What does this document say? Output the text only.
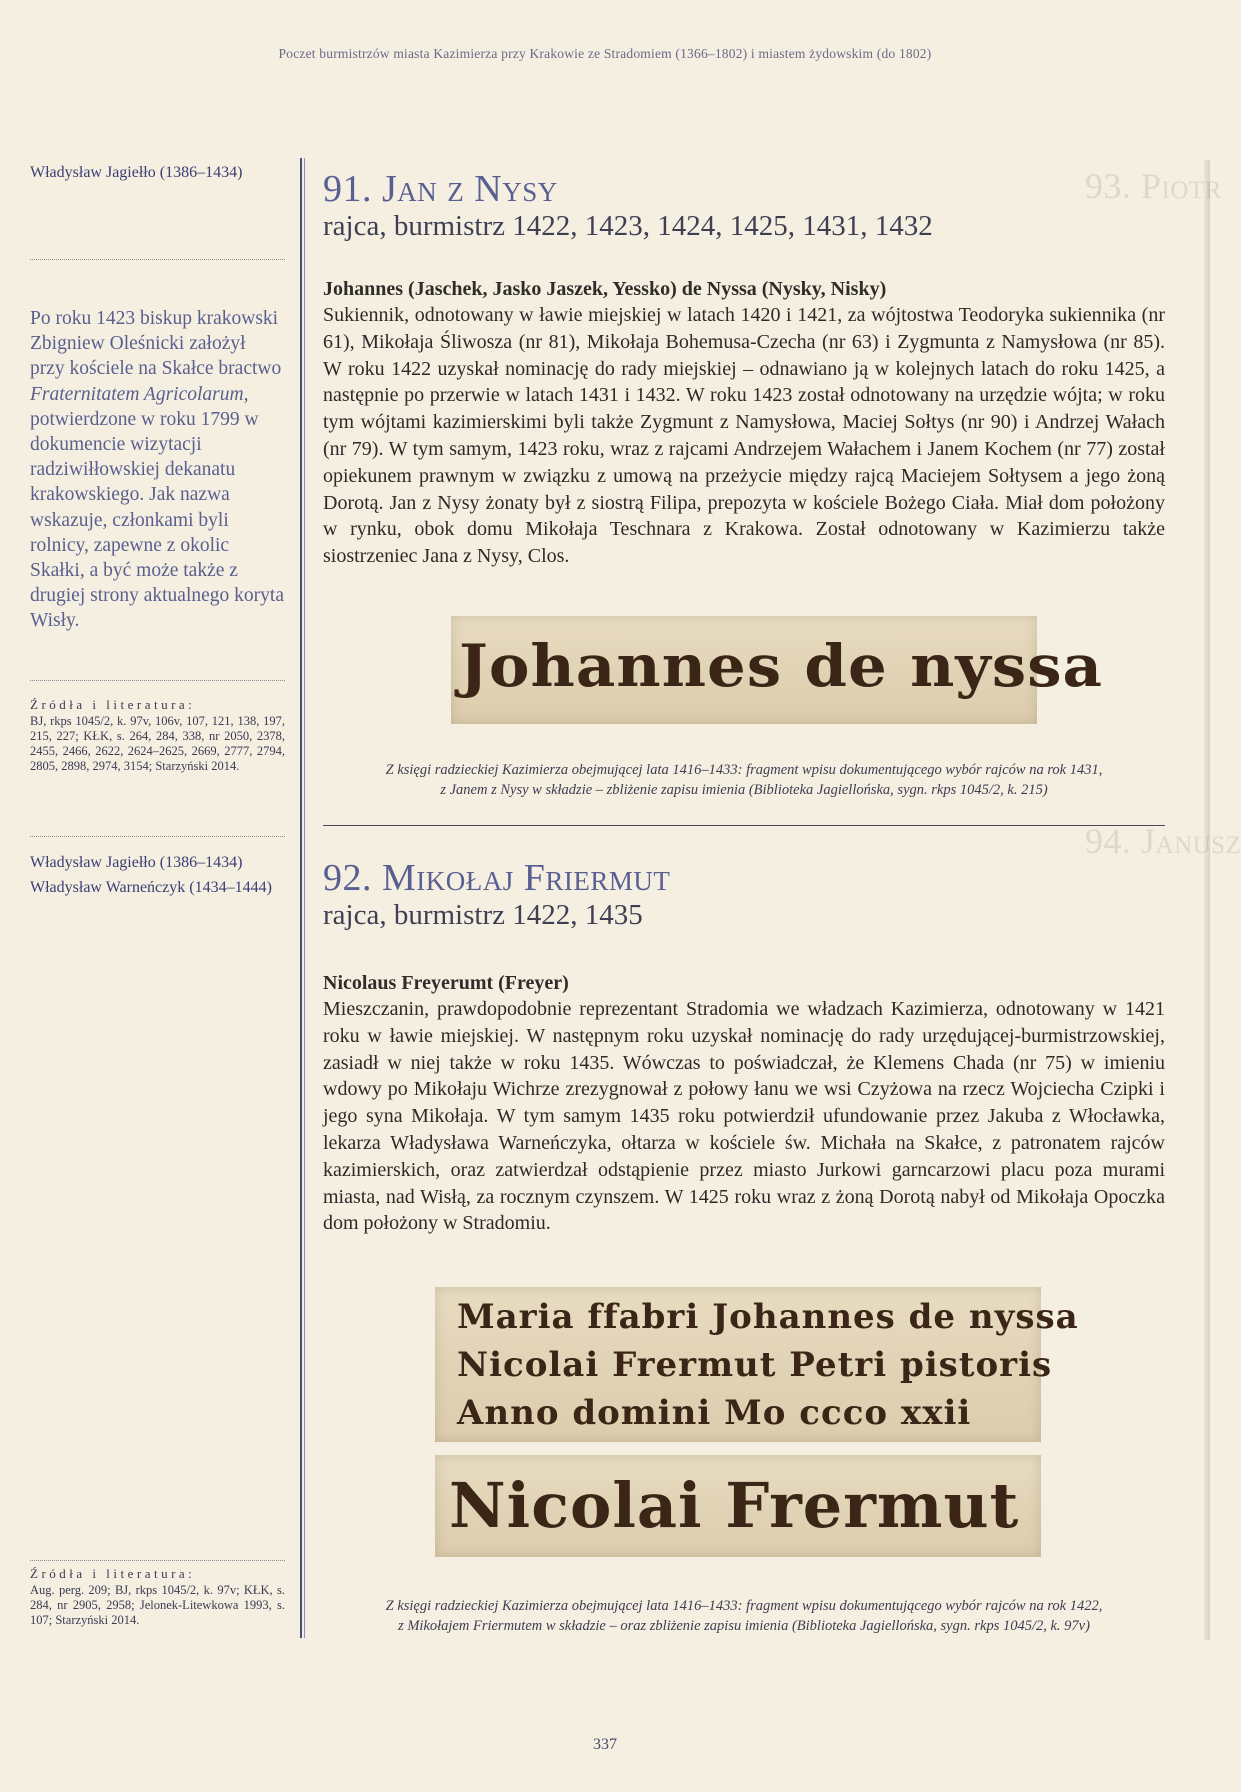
Poczet burmistrzów miasta Kazimierza przy Krakowie ze Stradomiem (1366–1802) i miastem żydowskim (do 1802)
93. Piotr
94. Janusz
Władysław Jagiełło (1386–1434)
Po roku 1423 biskup krakowski Zbigniew Oleśnicki założył przy kościele na Skałce bractwo Fraternitatem Agricolarum, potwierdzone w roku 1799 w dokumencie wizytacji radziwiłłowskiej dekanatu krakowskiego. Jak nazwa wskazuje, członkami byli rolnicy, zapewne z okolic Skałki, a być może także z drugiej strony aktualnego koryta Wisły.
Źródła i literatura:
BJ, rkps 1045/2, k. 97v, 106v, 107, 121, 138, 197, 215, 227; KŁK, s. 264, 284, 338, nr 2050, 2378, 2455, 2466, 2622, 2624–2625, 2669, 2777, 2794, 2805, 2898, 2974, 3154; Starzyński 2014.
Władysław Jagiełło (1386–1434)
Władysław Warneńczyk (1434–1444)
Źródła i literatura:
Aug. perg. 209; BJ, rkps 1045/2, k. 97v; KŁK, s. 284, nr 2905, 2958; Jelonek-Litewkowa 1993, s. 107; Starzyński 2014.
91. Jan z Nysy
rajca, burmistrz 1422, 1423, 1424, 1425, 1431, 1432
Johannes (Jaschek, Jasko Jaszek, Yessko) de Nyssa (Nysky, Nisky)
Sukiennik, odnotowany w ławie miejskiej w latach 1420 i 1421, za wójtostwa Teodoryka sukiennika (nr 61), Mikołaja Śliwosza (nr 81), Mikołaja Bohemusa-Czecha (nr 63) i Zygmunta z Namysłowa (nr 85). W roku 1422 uzyskał nominację do rady miejskiej – odnawiano ją w kolejnych latach do roku 1425, a następnie po przerwie w latach 1431 i 1432. W roku 1423 został odnotowany na urzędzie wójta; w roku tym wójtami kazimierskimi byli także Zygmunt z Namysłowa, Maciej Sołtys (nr 90) i Andrzej Wałach (nr 79). W tym samym, 1423 roku, wraz z rajcami Andrzejem Wałachem i Janem Kochem (nr 77) został opiekunem prawnym w związku z umową na przeżycie między rajcą Maciejem Sołtysem a jego żoną Dorotą. Jan z Nysy żonaty był z siostrą Filipa, prepozyta w kościele Bożego Ciała. Miał dom położony w rynku, obok domu Mikołaja Teschnara z Krakowa. Został odnotowany w Kazimierzu także siostrzeniec Jana z Nysy, Clos.
Johannes de nyssa
Z księgi radzieckiej Kazimierza obejmującej lata 1416–1433: fragment wpisu dokumentującego wybór rajców na rok 1431,
z Janem z Nysy w składzie – zbliżenie zapisu imienia (Biblioteka Jagiellońska, sygn. rkps 1045/2, k. 215)
92. Mikołaj Friermut
rajca, burmistrz 1422, 1435
Nicolaus Freyerumt (Freyer)
Mieszczanin, prawdopodobnie reprezentant Stradomia we władzach Kazimierza, odnotowany w 1421 roku w ławie miejskiej. W następnym roku uzyskał nominację do rady urzędującej-burmistrzowskiej, zasiadł w niej także w roku 1435. Wówczas to poświadczał, że Klemens Chada (nr 75) w imieniu wdowy po Mikołaju Wichrze zrezygnował z połowy łanu we wsi Czyżowa na rzecz Wojciecha Czipki i jego syna Mikołaja. W tym samym 1435 roku potwierdził ufundowanie przez Jakuba z Włocławka, lekarza Władysława Warneńczyka, ołtarza w kościele św. Michała na Skałce, z patronatem rajców kazimierskich, oraz zatwierdzał odstąpienie przez miasto Jurkowi garncarzowi placu poza murami miasta, nad Wisłą, za rocznym czynszem. W 1425 roku wraz z żoną Dorotą nabył od Mikołaja Opoczka dom położony w Stradomiu.
Maria ffabri Johannes de nyssa
Nicolai Frermut Petri pistoris
Anno domini Mo ccco xxii
Nicolai Frermut
Z księgi radzieckiej Kazimierza obejmującej lata 1416–1433: fragment wpisu dokumentującego wybór rajców na rok 1422,
z Mikołajem Friermutem w składzie – oraz zbliżenie zapisu imienia (Biblioteka Jagiellońska, sygn. rkps 1045/2, k. 97v)
337
